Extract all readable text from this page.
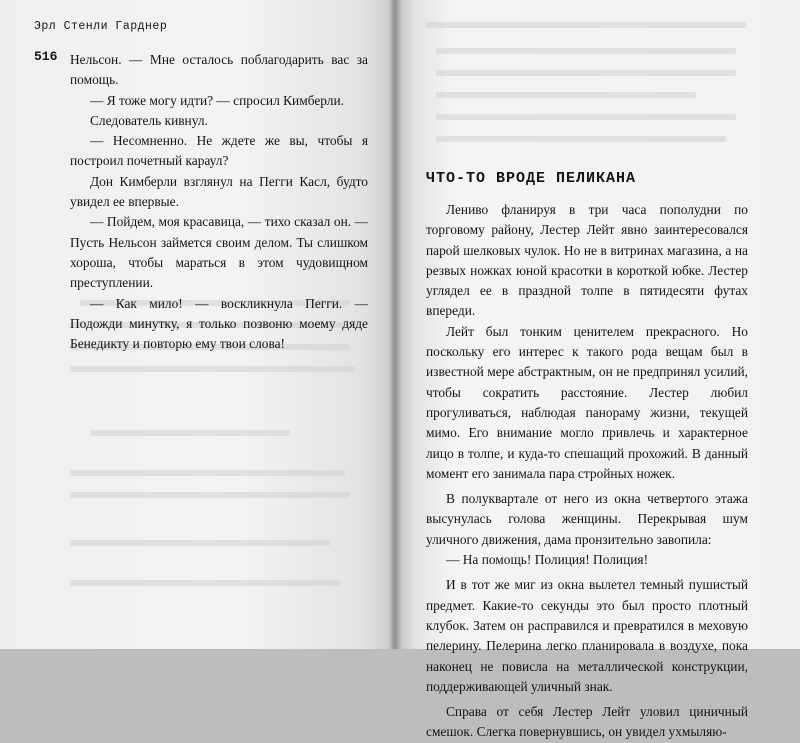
Эрл Стенли Гарднер
516 Нельсон. — Мне осталось поблагодарить вас за помощь.

— Я тоже могу идти? — спросил Кимберли.

Следователь кивнул.

— Несомненно. Не ждете же вы, чтобы я построил почетный караул?

Дон Кимберли взглянул на Пегги Касл, будто увидел ее впервые.

— Пойдем, моя красавица, — тихо сказал он. — Пусть Нельсон займется своим делом. Ты слишком хороша, чтобы мараться в этом чудовищном преступлении.

— Как мило! — воскликнула Пегги. — Подожди минутку, я только позвоню моему дяде Бенедикту и повторю ему твои слова!

ЧТО-ТО ВРОДЕ ПЕЛИКАНА

Лениво фланируя в три часа пополудни по торговому району, Лестер Лейт явно заинтересовался парой шелковых чулок. Но не в витринах магазина, а на резвых ножках юной красотки в короткой юбке. Лестер углядел ее в праздной толпе в пятидесяти футах впереди.

Лейт был тонким ценителем прекрасного. Но поскольку его интерес к такого рода вещам был в известной мере абстрактным, он не предпринял усилий, чтобы сократить расстояние. Лестер любил прогуливаться, наблюдая панораму жизни, текущей мимо. Его внимание могло привлечь и характерное лицо в толпе, и куда-то спешащий прохожий. В данный момент его занимала пара стройных ножек.

В полуквартале от него из окна четвертого этажа высунулась голова женщины. Перекрывая шум уличного движения, дама пронзительно завопила:

— На помощь! Полиция! Полиция!

И в тот же миг из окна вылетел темный пушистый предмет. Какие-то секунды это был просто плотный клубок. Затем он расправился и превратился в меховую пелерину. Пелерина легко планировала в воздухе, пока наконец не повисла на металлической конструкции, поддерживающей уличный знак.

Справа от себя Лестер Лейт уловил циничный смешок. Слегка повернувшись, он увидел ухмыляю-
